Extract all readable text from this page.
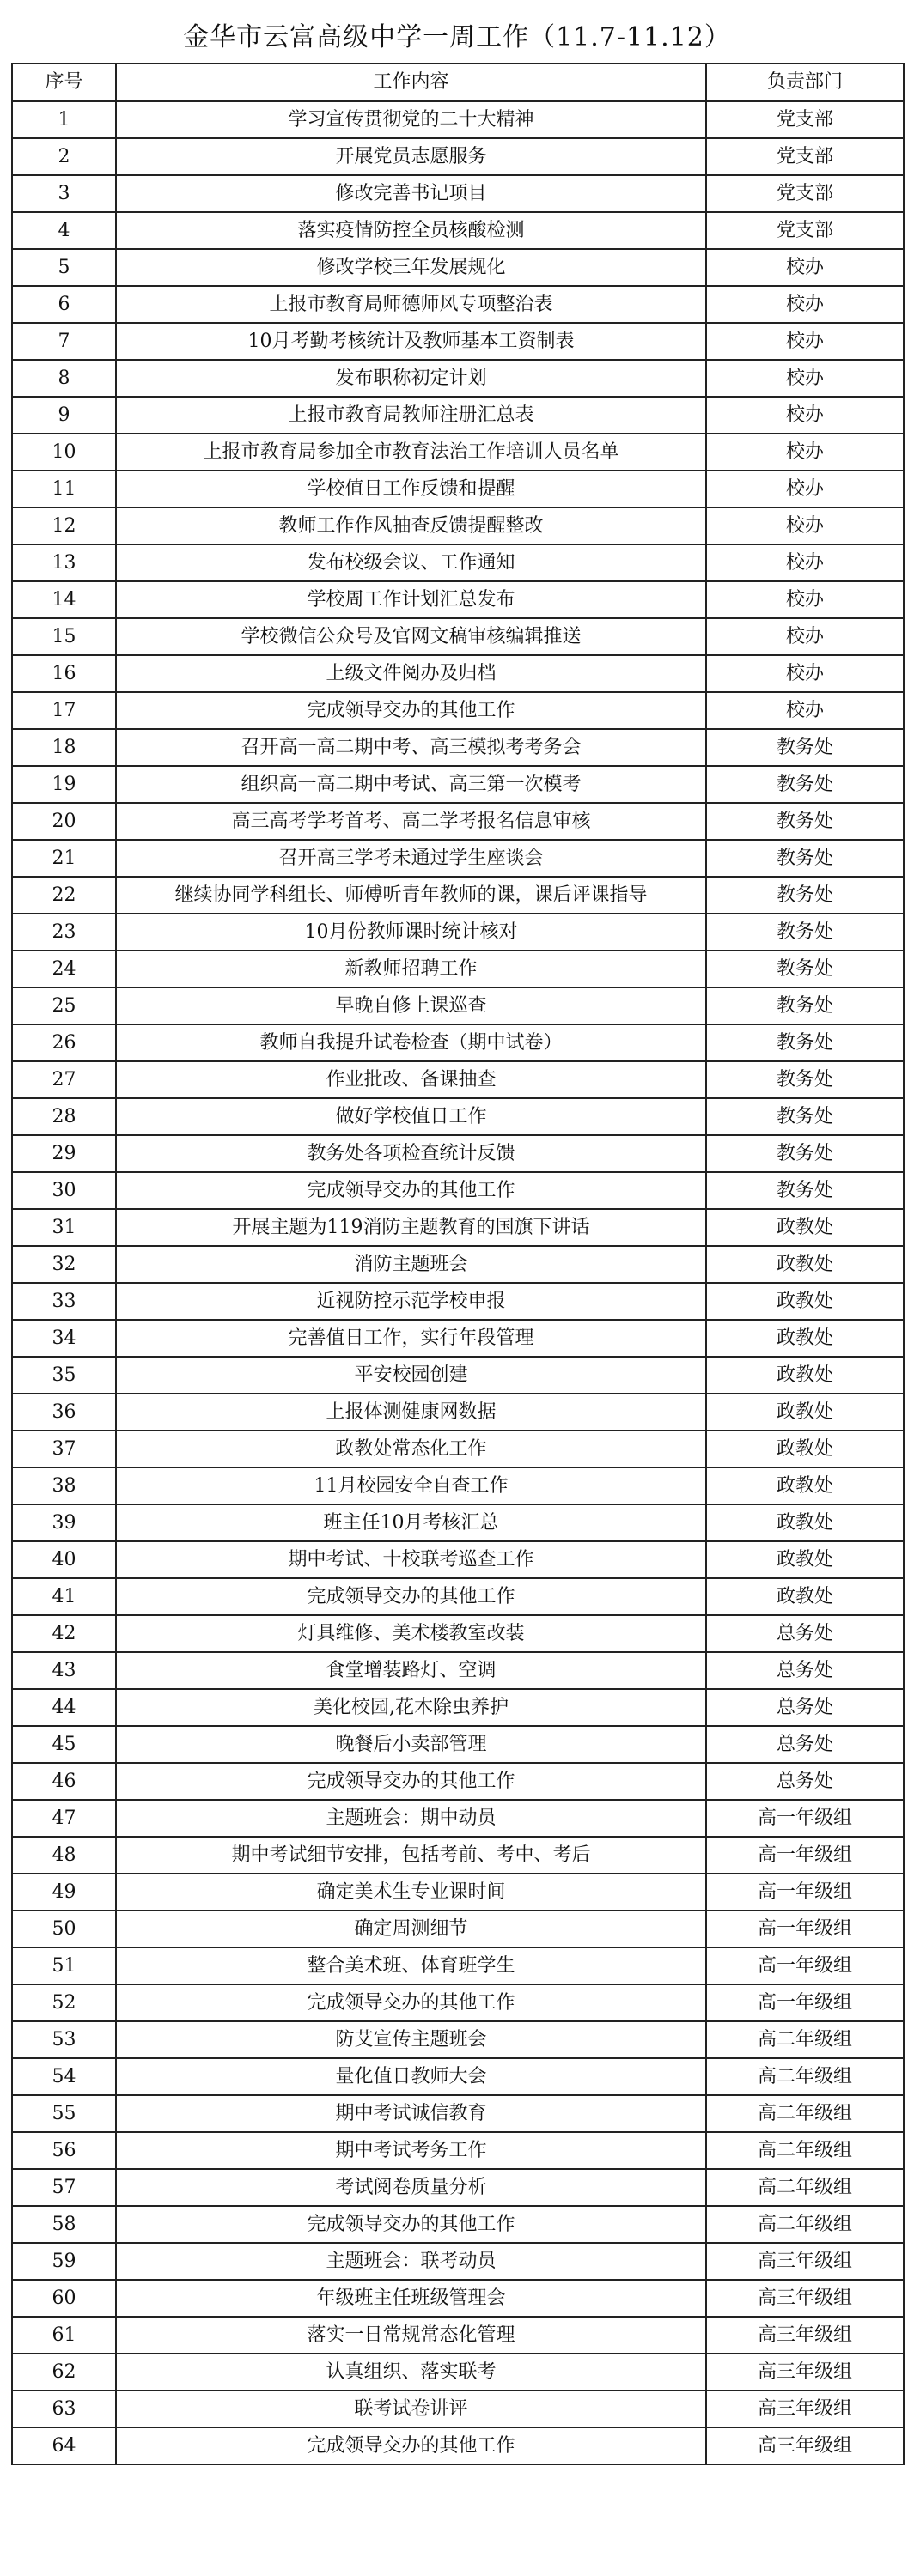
金华市云富高级中学一周工作（11.7-11.12）
序号	工作内容	负责部门
1	学习宣传贯彻党的二十大精神	党支部
2	开展党员志愿服务	党支部
3	修改完善书记项目	党支部
4	落实疫情防控全员核酸检测	党支部
5	修改学校三年发展规化	校办
6	上报市教育局师德师风专项整治表	校办
7	10月考勤考核统计及教师基本工资制表	校办
8	发布职称初定计划	校办
9	上报市教育局教师注册汇总表	校办
10	上报市教育局参加全市教育法治工作培训人员名单	校办
11	学校值日工作反馈和提醒	校办
12	教师工作作风抽查反馈提醒整改	校办
13	发布校级会议、工作通知	校办
14	学校周工作计划汇总发布	校办
15	学校微信公众号及官网文稿审核编辑推送	校办
16	上级文件阅办及归档	校办
17	完成领导交办的其他工作	校办
18	召开高一高二期中考、高三模拟考考务会	教务处
19	组织高一高二期中考试、高三第一次模考	教务处
20	高三高考学考首考、高二学考报名信息审核	教务处
21	召开高三学考未通过学生座谈会	教务处
22	继续协同学科组长、师傅听青年教师的课，课后评课指导	教务处
23	10月份教师课时统计核对	教务处
24	新教师招聘工作	教务处
25	早晚自修上课巡查	教务处
26	教师自我提升试卷检查（期中试卷）	教务处
27	作业批改、备课抽查	教务处
28	做好学校值日工作	教务处
29	教务处各项检查统计反馈	教务处
30	完成领导交办的其他工作	教务处
31	开展主题为119消防主题教育的国旗下讲话	政教处
32	消防主题班会	政教处
33	近视防控示范学校申报	政教处
34	完善值日工作，实行年段管理	政教处
35	平安校园创建	政教处
36	上报体测健康网数据	政教处
37	政教处常态化工作	政教处
38	11月校园安全自查工作	政教处
39	班主任10月考核汇总	政教处
40	期中考试、十校联考巡查工作	政教处
41	完成领导交办的其他工作	政教处
42	灯具维修、美术楼教室改装	总务处
43	食堂增装路灯、空调	总务处
44	美化校园,花木除虫养护	总务处
45	晚餐后小卖部管理	总务处
46	完成领导交办的其他工作	总务处
47	主题班会：期中动员	高一年级组
48	期中考试细节安排，包括考前、考中、考后	高一年级组
49	确定美术生专业课时间	高一年级组
50	确定周测细节	高一年级组
51	整合美术班、体育班学生	高一年级组
52	完成领导交办的其他工作	高一年级组
53	防艾宣传主题班会	高二年级组
54	量化值日教师大会	高二年级组
55	期中考试诚信教育	高二年级组
56	期中考试考务工作	高二年级组
57	考试阅卷质量分析	高二年级组
58	完成领导交办的其他工作	高二年级组
59	主题班会：联考动员	高三年级组
60	年级班主任班级管理会	高三年级组
61	落实一日常规常态化管理	高三年级组
62	认真组织、落实联考	高三年级组
63	联考试卷讲评	高三年级组
64	完成领导交办的其他工作	高三年级组
